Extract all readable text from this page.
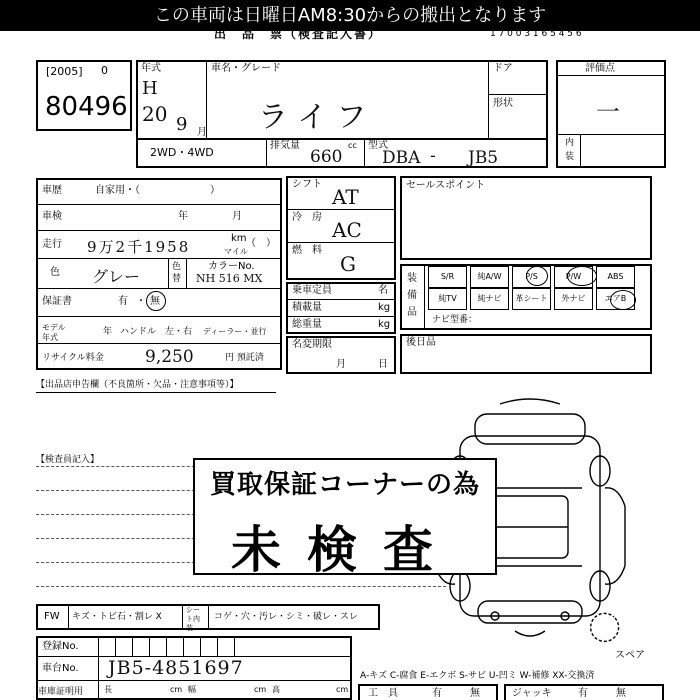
この車両は日曜日AM8:30からの搬出となります
出　品　票（検査記入書）	1 7 0 0 3 1 6 5 4 5 6
[2005] 0
80496
年式
H
20 9 月
車名・グレード
ライフ
ドア
形状
2WD・4WD
排気量
660
cc 型式
DBA - JB5
評価点
一
内装
車歴	自家用・（　　　　　　　）
車検	年	月
走行 9万2千1958	km
マイル
（　）
色 グレー	色替
カラーNo.
NH 516 MX
保証書	有 ・ 無
モデル年式
年 ハンドル　左・右 ディーラー・並行
リサイクル料金 9,250	円 預託済
シフト
AT
冷　房
AC
燃　料
G
乗車定員	名
積載量	kg
総重量	kg
名変期限
月	日
セールスポイント
装備品
S/R	純A/W	P/S	P/W	ABS
純TV	純ナビ	革シート	外ナビ	エアB
ナビ型番：
後日品
【出品店申告欄（不良箇所・欠品・注意事項等）】
【検査員記入】
買取保証コーナーの為
未検査
FW キズ・トビ石・割レ X
シート内装
コゲ・穴・汚レ・シミ・破レ・スレ
登録No.
車台No. JB5-4851697
車庫証明用	長	cm 幅	cm 高	cm
スペア
A-キズ C-腐食 E-エクボ S-サビ U-凹ミ W-補修 XX-交換済
工　具	有	無	ジャッキ	有	無
